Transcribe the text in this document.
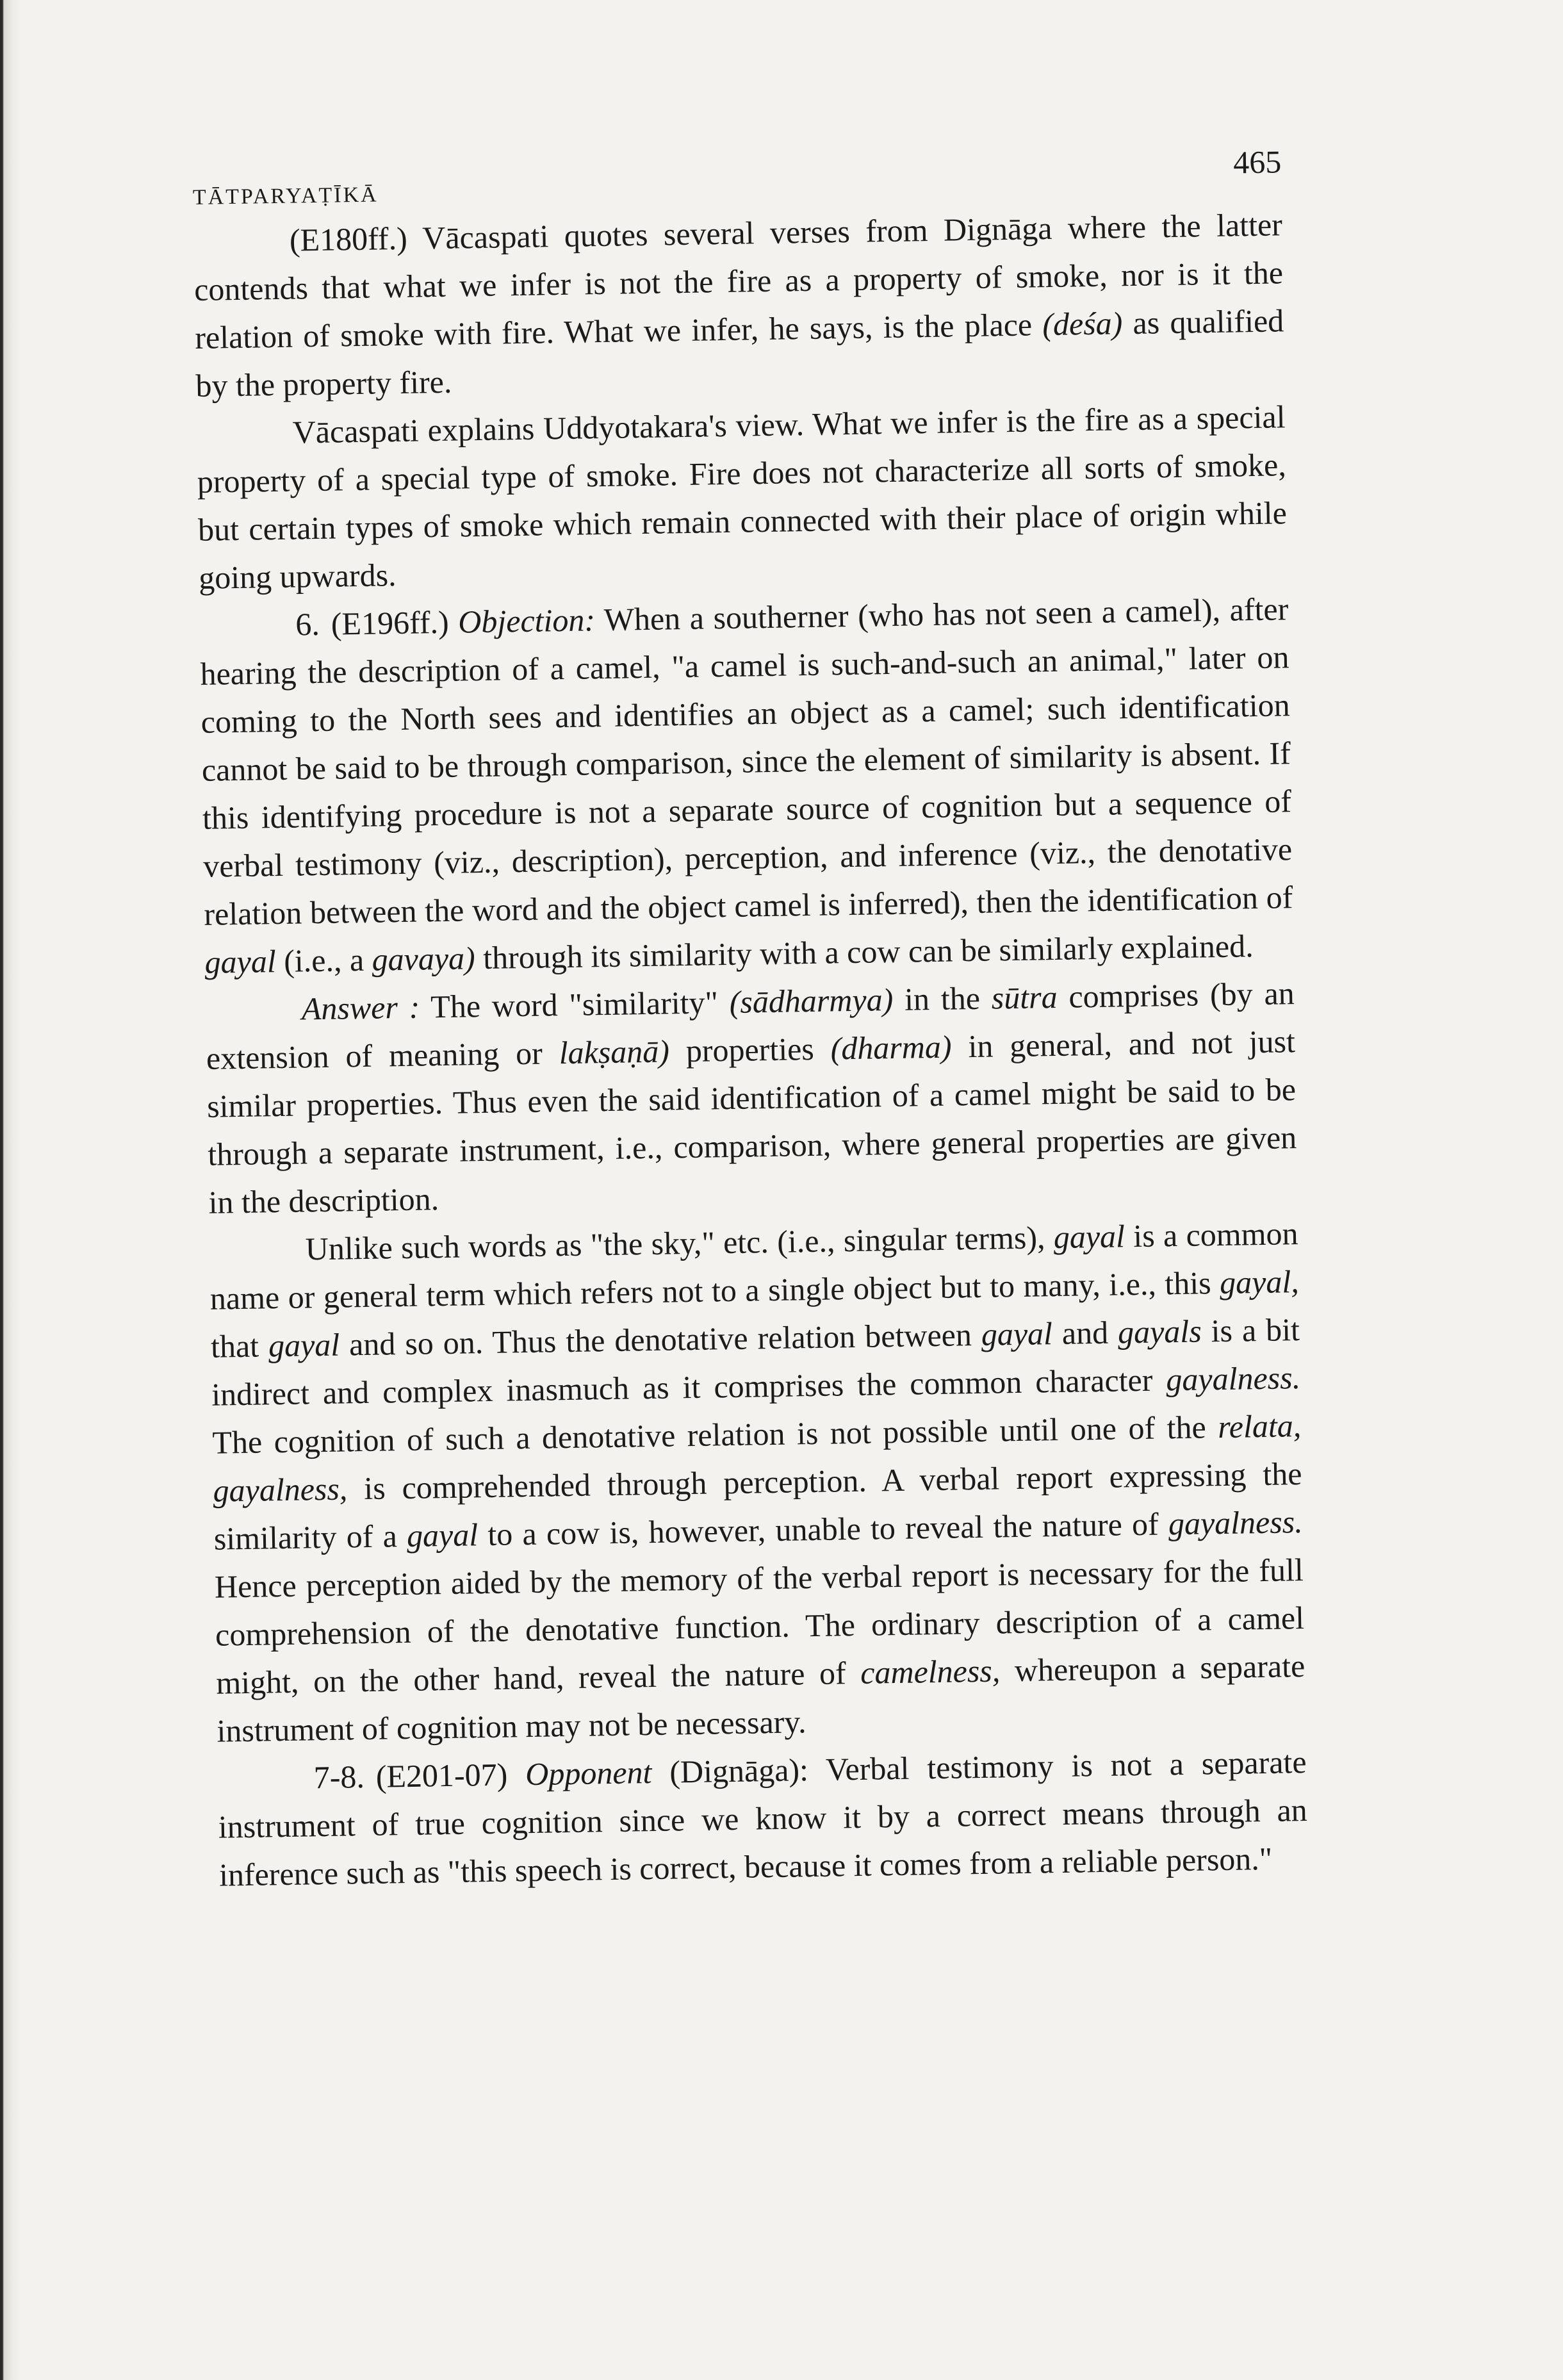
TĀTPARYAṬĪKĀ
465

(E180ff.) Vācaspati quotes several verses from Dignāga where the latter contends that what we infer is not the fire as a property of smoke, nor is it the relation of smoke with fire. What we infer, he says, is the place (deśa) as qualified by the property fire.

Vācaspati explains Uddyotakara's view. What we infer is the fire as a special property of a special type of smoke. Fire does not characterize all sorts of smoke, but certain types of smoke which remain connected with their place of origin while going upwards.

6. (E196ff.) Objection: When a southerner (who has not seen a camel), after hearing the description of a camel, "a camel is such-and-such an animal," later on coming to the North sees and identifies an object as a camel; such identification cannot be said to be through comparison, since the element of similarity is absent. If this identifying procedure is not a separate source of cognition but a sequence of verbal testimony (viz., description), perception, and inference (viz., the denotative relation between the word and the object camel is inferred), then the identification of gayal (i.e., a gavaya) through its similarity with a cow can be similarly explained.

Answer : The word "similarity" (sādharmya) in the sūtra comprises (by an extension of meaning or lakṣaṇā) properties (dharma) in general, and not just similar properties. Thus even the said identification of a camel might be said to be through a separate instrument, i.e., comparison, where general properties are given in the description.

Unlike such words as "the sky," etc. (i.e., singular terms), gayal is a common name or general term which refers not to a single object but to many, i.e., this gayal, that gayal and so on. Thus the denotative relation between gayal and gayals is a bit indirect and complex inasmuch as it comprises the common character gayalness. The cognition of such a denotative relation is not possible until one of the relata, gayalness, is comprehended through perception. A verbal report expressing the similarity of a gayal to a cow is, however, unable to reveal the nature of gayalness. Hence perception aided by the memory of the verbal report is necessary for the full comprehension of the denotative function. The ordinary description of a camel might, on the other hand, reveal the nature of camelness, whereupon a separate instrument of cognition may not be necessary.

7-8. (E201-07) Opponent (Dignāga): Verbal testimony is not a separate instrument of true cognition since we know it by a correct means through an inference such as "this speech is correct, because it comes from a reliable person."
